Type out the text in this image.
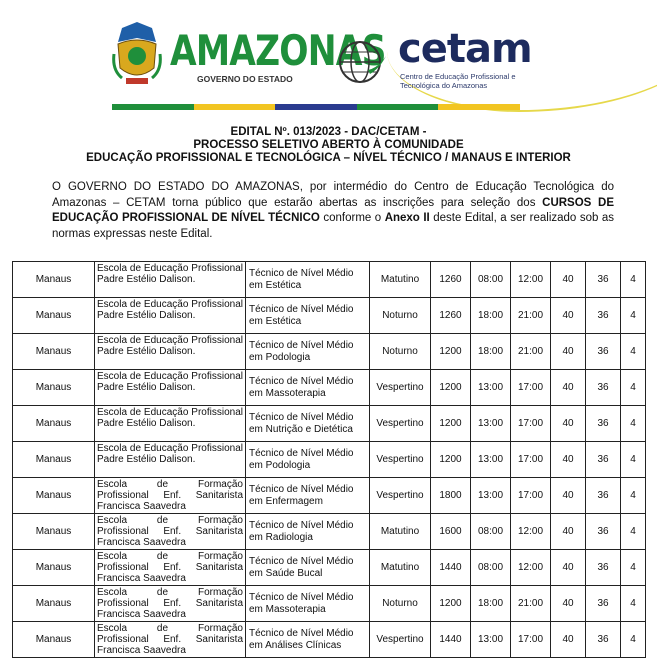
AMAZONAS
GOVERNO DO ESTADO
cetam
Centro de Educação Profissional e Tecnológica do Amazonas
EDITAL Nº. 013/2023 - DAC/CETAM -
PROCESSO SELETIVO ABERTO À COMUNIDADE
EDUCAÇÃO PROFISSIONAL E TECNOLÓGICA – NÍVEL TÉCNICO / MANAUS E INTERIOR
O GOVERNO DO ESTADO DO AMAZONAS, por intermédio do Centro de Educação Tecnológica do Amazonas – CETAM torna público que estarão abertas as inscrições para seleção dos CURSOS DE EDUCAÇÃO PROFISSIONAL DE NÍVEL TÉCNICO conforme o Anexo II deste Edital, a ser realizado sob as normas expressas neste Edital.
Manaus	Escola de Educação Profissional Padre Estélio Dalison.	Técnico de Nível Médio em Estética	Matutino	1260	08:00	12:00	40	36	4
Manaus	Escola de Educação Profissional Padre Estélio Dalison.	Técnico de Nível Médio em Estética	Noturno	1260	18:00	21:00	40	36	4
Manaus	Escola de Educação Profissional Padre Estélio Dalison.	Técnico de Nível Médio em Podologia	Noturno	1200	18:00	21:00	40	36	4
Manaus	Escola de Educação Profissional Padre Estélio Dalison.	Técnico de Nível Médio em Massoterapia	Vespertino	1200	13:00	17:00	40	36	4
Manaus	Escola de Educação Profissional Padre Estélio Dalison.	Técnico de Nível Médio em Nutrição e Dietética	Vespertino	1200	13:00	17:00	40	36	4
Manaus	Escola de Educação Profissional Padre Estélio Dalison.	Técnico de Nível Médio em Podologia	Vespertino	1200	13:00	17:00	40	36	4
Manaus	Escola de Formação Profissional Enf. Sanitarista Francisca Saavedra	Técnico de Nível Médio em Enfermagem	Vespertino	1800	13:00	17:00	40	36	4
Manaus	Escola de Formação Profissional Enf. Sanitarista Francisca Saavedra	Técnico de Nível Médio em Radiologia	Matutino	1600	08:00	12:00	40	36	4
Manaus	Escola de Formação Profissional Enf. Sanitarista Francisca Saavedra	Técnico de Nível Médio em Saúde Bucal	Matutino	1440	08:00	12:00	40	36	4
Manaus	Escola de Formação Profissional Enf. Sanitarista Francisca Saavedra	Técnico de Nível Médio em Massoterapia	Noturno	1200	18:00	21:00	40	36	4
Manaus	Escola de Formação Profissional Enf. Sanitarista Francisca Saavedra	Técnico de Nível Médio em Análises Clínicas	Vespertino	1440	13:00	17:00	40	36	4
